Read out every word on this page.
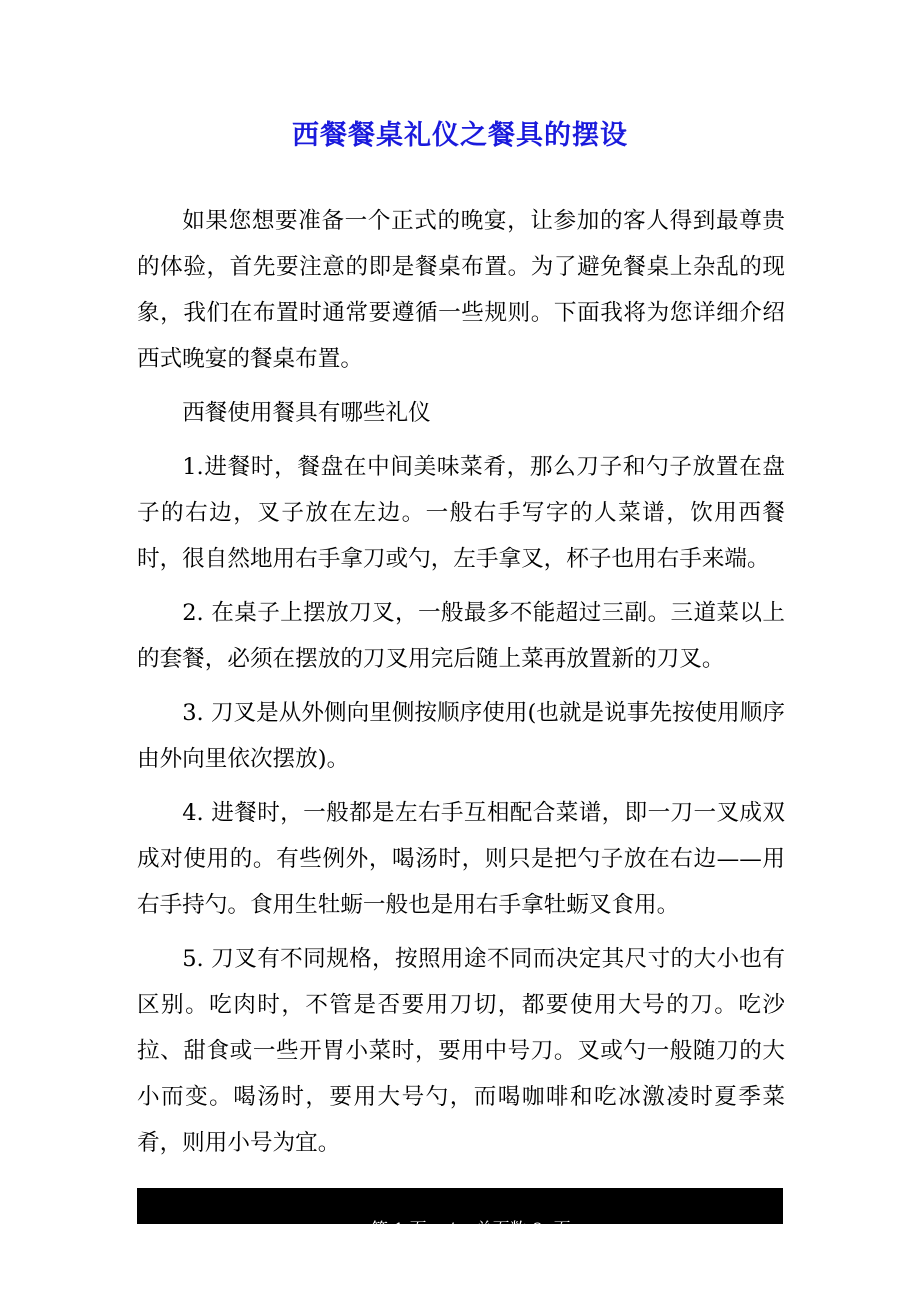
西餐餐桌礼仪之餐具的摆设

如果您想要准备一个正式的晚宴，让参加的客人得到最尊贵的体验，首先要注意的即是餐桌布置。为了避免餐桌上杂乱的现象，我们在布置时通常要遵循一些规则。下面我将为您详细介绍西式晚宴的餐桌布置。

西餐使用餐具有哪些礼仪

1.进餐时，餐盘在中间美味菜肴，那么刀子和勺子放置在盘子的右边，叉子放在左边。一般右手写字的人菜谱，饮用西餐时，很自然地用右手拿刀或勺，左手拿叉，杯子也用右手来端。

2. 在桌子上摆放刀叉，一般最多不能超过三副。三道菜以上的套餐，必须在摆放的刀叉用完后随上菜再放置新的刀叉。

3. 刀叉是从外侧向里侧按顺序使用(也就是说事先按使用顺序由外向里依次摆放)。

4. 进餐时，一般都是左右手互相配合菜谱，即一刀一叉成双成对使用的。有些例外，喝汤时，则只是把勺子放在右边——用右手持勺。食用生牡蛎一般也是用右手拿牡蛎叉食用。

5. 刀叉有不同规格，按照用途不同而决定其尺寸的大小也有区别。吃肉时，不管是否要用刀切，都要使用大号的刀。吃沙拉、甜食或一些开胃小菜时，要用中号刀。叉或勺一般随刀的大小而变。喝汤时，要用大号勺，而喝咖啡和吃冰激凌时夏季菜肴，则用小号为宜。

第 1 页    /    总页数 8  页
